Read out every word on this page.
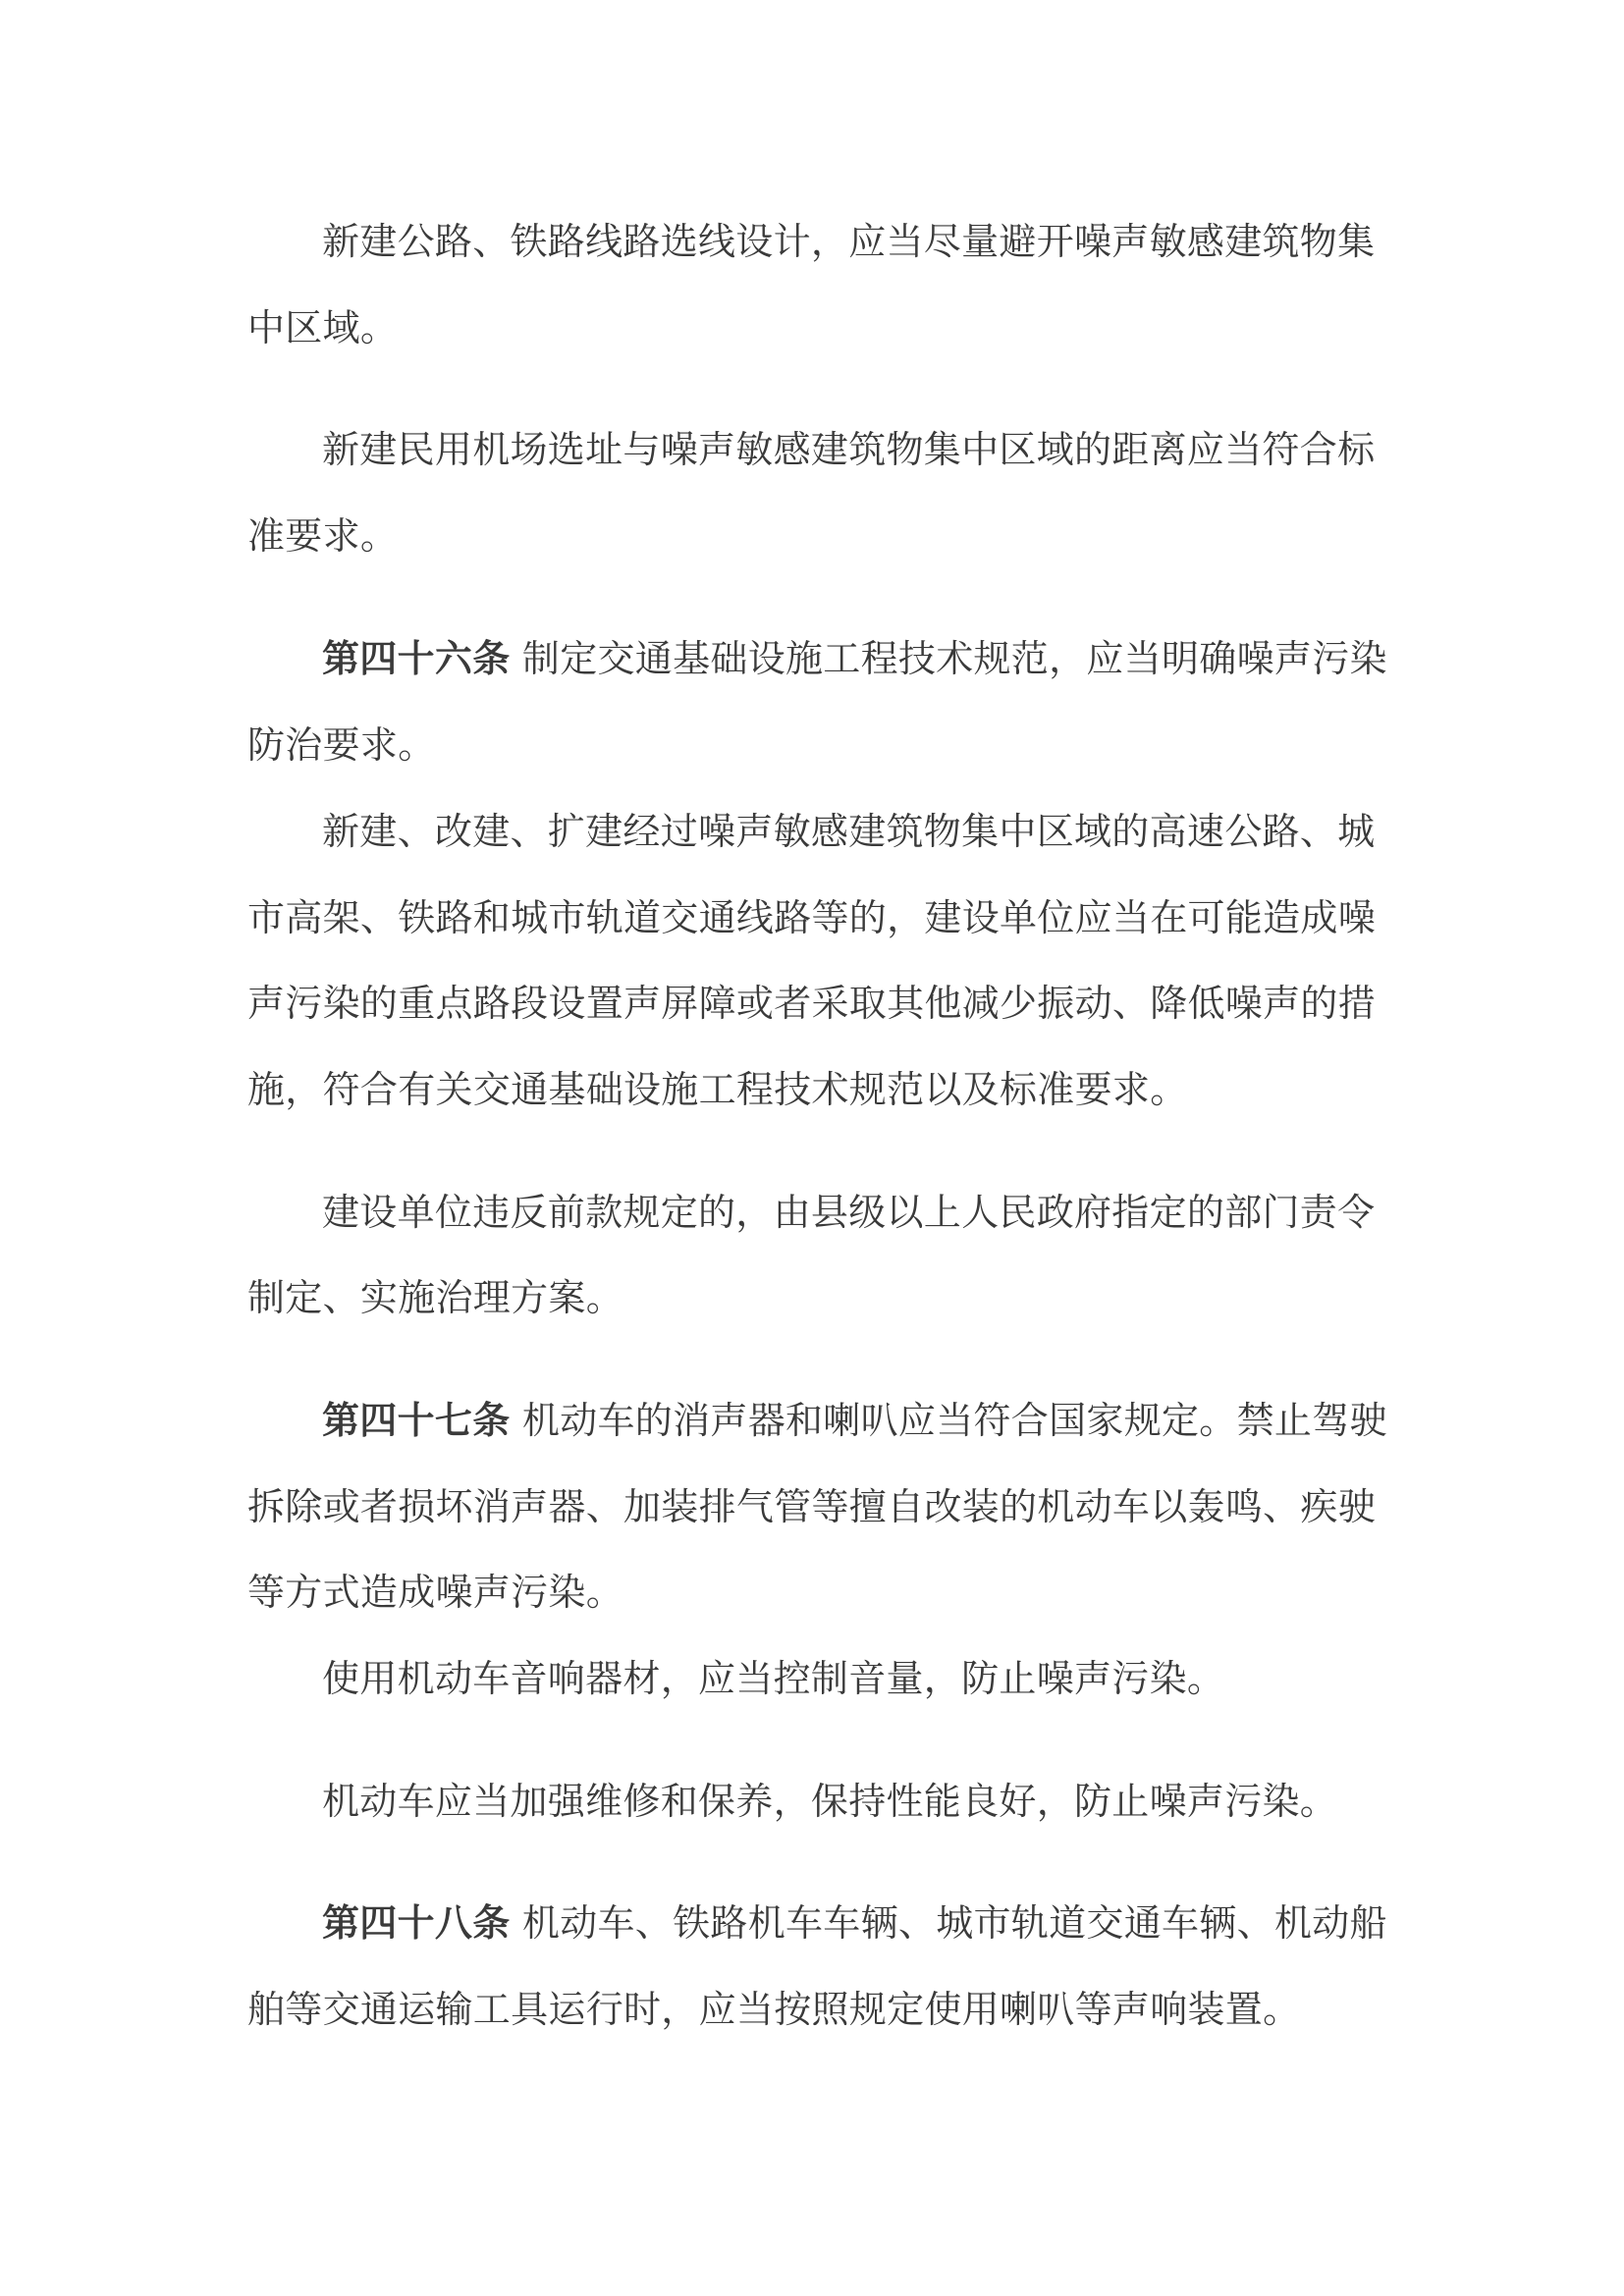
新建公路、铁路线路选线设计，应当尽量避开噪声敏感建筑物集
中区域。
新建民用机场选址与噪声敏感建筑物集中区域的距离应当符合标
准要求。
第四十六条 制定交通基础设施工程技术规范，应当明确噪声污染
防治要求。
新建、改建、扩建经过噪声敏感建筑物集中区域的高速公路、城
市高架、铁路和城市轨道交通线路等的，建设单位应当在可能造成噪
声污染的重点路段设置声屏障或者采取其他减少振动、降低噪声的措
施，符合有关交通基础设施工程技术规范以及标准要求。
建设单位违反前款规定的，由县级以上人民政府指定的部门责令
制定、实施治理方案。
第四十七条 机动车的消声器和喇叭应当符合国家规定。禁止驾驶
拆除或者损坏消声器、加装排气管等擅自改装的机动车以轰鸣、疾驶
等方式造成噪声污染。
使用机动车音响器材，应当控制音量，防止噪声污染。
机动车应当加强维修和保养，保持性能良好，防止噪声污染。
第四十八条 机动车、铁路机车车辆、城市轨道交通车辆、机动船
舶等交通运输工具运行时，应当按照规定使用喇叭等声响装置。
